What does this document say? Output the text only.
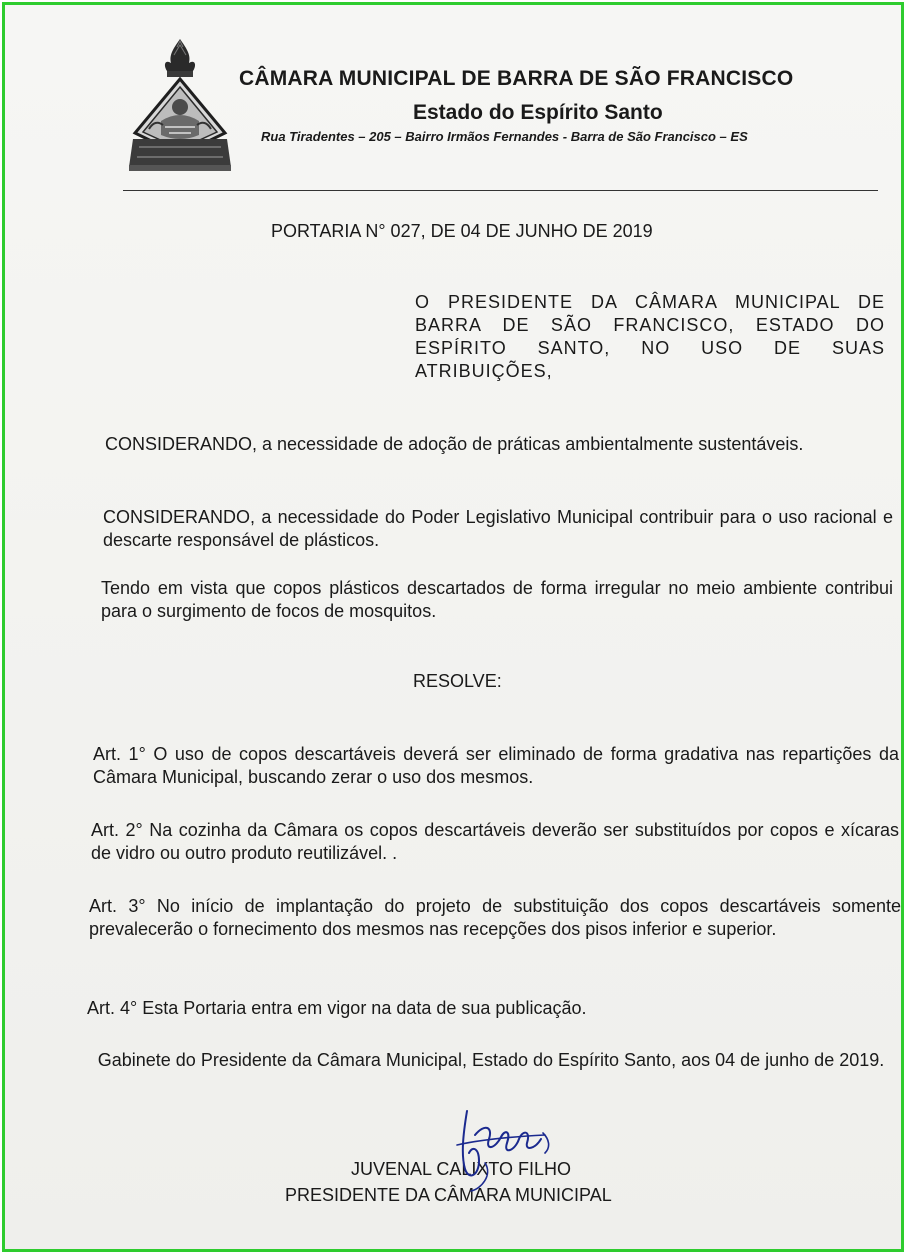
CÂMARA MUNICIPAL DE BARRA DE SÃO FRANCISCO
Estado do Espírito Santo
Rua Tiradentes – 205 – Bairro Irmãos Fernandes - Barra de São Francisco – ES
PORTARIA N° 027, DE 04 DE JUNHO DE 2019
O PRESIDENTE DA CÂMARA MUNICIPAL DE BARRA DE SÃO FRANCISCO, ESTADO DO ESPÍRITO SANTO, NO USO DE SUAS ATRIBUIÇÕES,
CONSIDERANDO, a necessidade de adoção de práticas ambientalmente sustentáveis.
CONSIDERANDO, a necessidade do Poder Legislativo Municipal contribuir para o uso racional e descarte responsável de plásticos.
Tendo em vista que copos plásticos descartados de forma irregular no meio ambiente contribui para o surgimento de focos de mosquitos.
RESOLVE:
Art. 1° O uso de copos descartáveis deverá ser eliminado de forma gradativa nas repartições da Câmara Municipal, buscando zerar o uso dos mesmos.
Art. 2° Na cozinha da Câmara os copos descartáveis deverão ser substituídos por copos e xícaras de vidro ou outro produto reutilizável. .
Art. 3° No início de implantação do projeto de substituição dos copos descartáveis somente prevalecerão o fornecimento dos mesmos nas recepções dos pisos inferior e superior.
Art. 4° Esta Portaria entra em vigor na data de sua publicação.
Gabinete do Presidente da Câmara Municipal, Estado do Espírito Santo, aos 04 de junho de 2019.
JUVENAL CALIXTO FILHO
PRESIDENTE DA CÂMARA MUNICIPAL
